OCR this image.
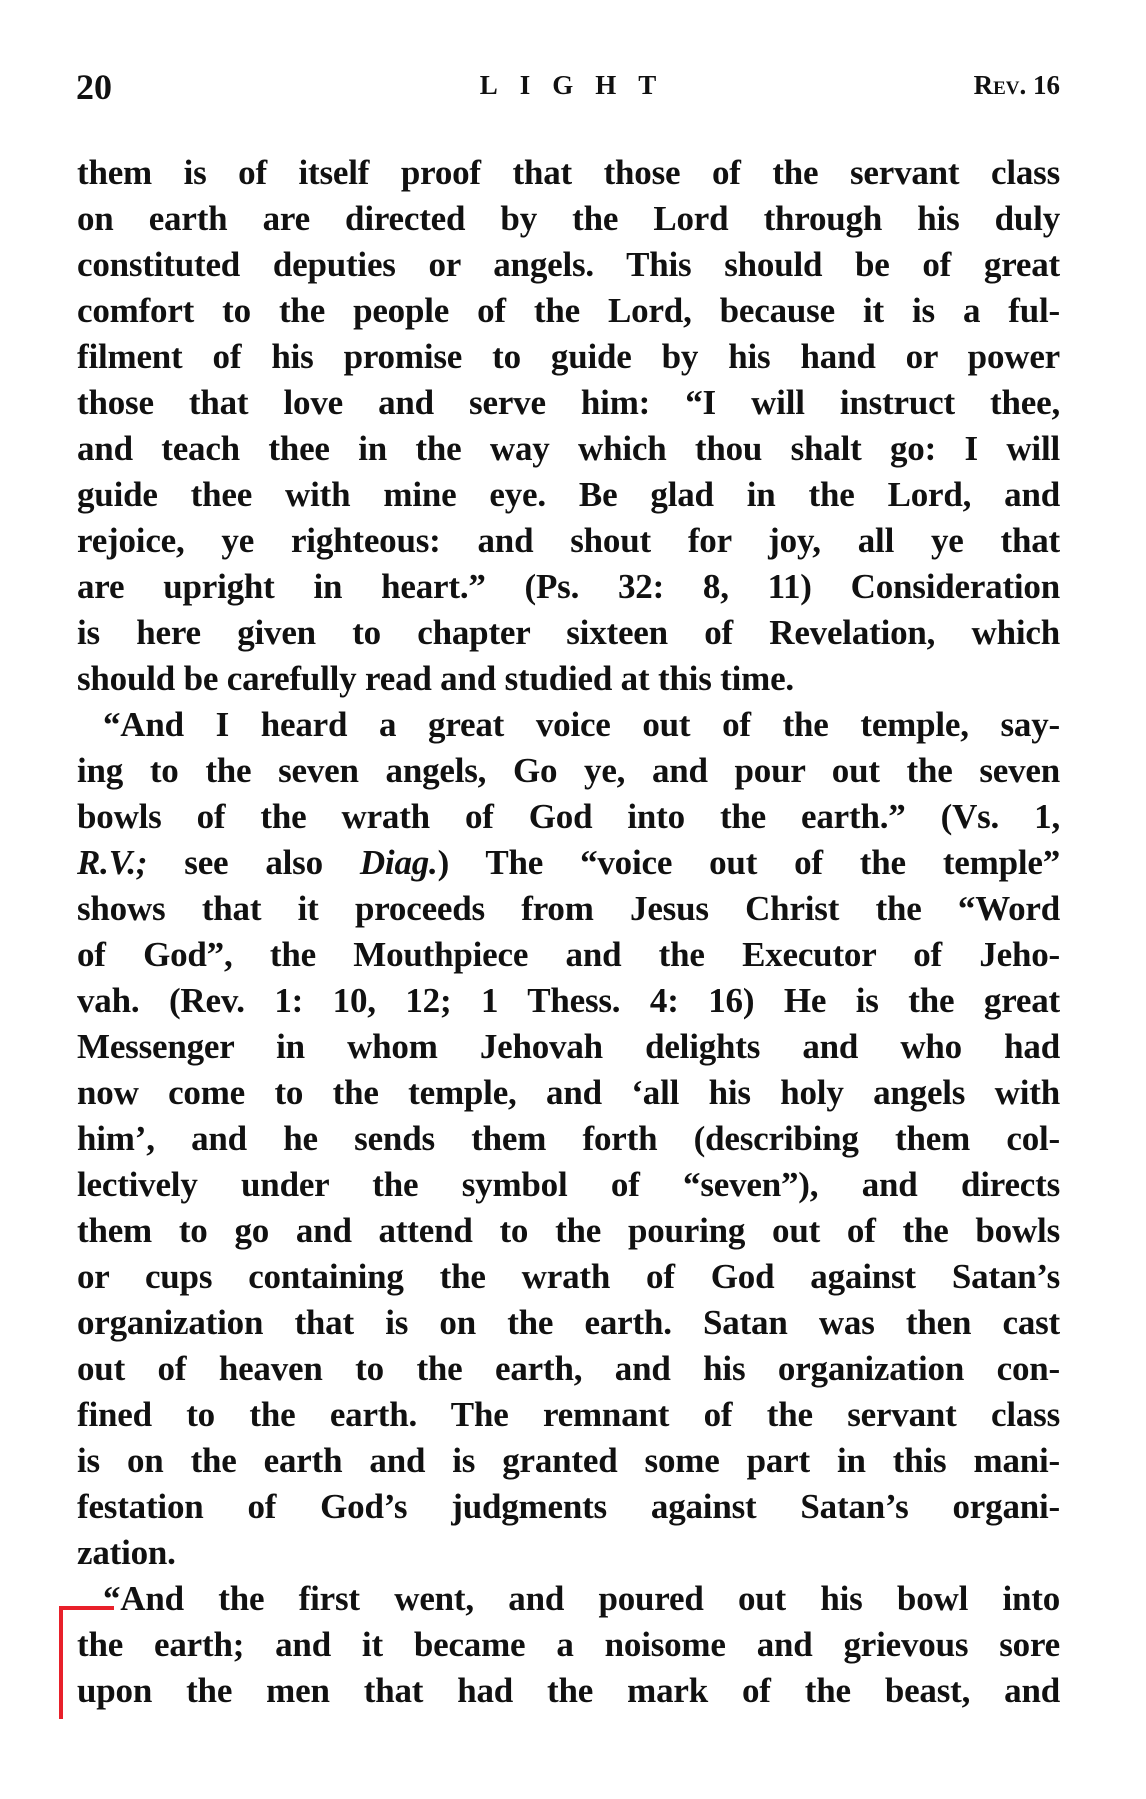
20	LIGHT	Rev. 16
them is of itself proof that those of the servant class
on earth are directed by the Lord through his duly
constituted deputies or angels. This should be of great
comfort to the people of the Lord, because it is a ful-
filment of his promise to guide by his hand or power
those that love and serve him: “I will instruct thee,
and teach thee in the way which thou shalt go: I will
guide thee with mine eye. Be glad in the Lord, and
rejoice, ye righteous: and shout for joy, all ye that
are upright in heart.” (Ps. 32: 8, 11) Consideration
is here given to chapter sixteen of Revelation, which
should be carefully read and studied at this time.
“And I heard a great voice out of the temple, say-
ing to the seven angels, Go ye, and pour out the seven
bowls of the wrath of God into the earth.” (Vs. 1,
R.V.; see also Diag.) The “voice out of the temple”
shows that it proceeds from Jesus Christ the “Word
of God”, the Mouthpiece and the Executor of Jeho-
vah. (Rev. 1: 10, 12; 1 Thess. 4: 16) He is the great
Messenger in whom Jehovah delights and who had
now come to the temple, and ‘all his holy angels with
him’, and he sends them forth (describing them col-
lectively under the symbol of “seven”), and directs
them to go and attend to the pouring out of the bowls
or cups containing the wrath of God against Satan’s
organization that is on the earth. Satan was then cast
out of heaven to the earth, and his organization con-
fined to the earth. The remnant of the servant class
is on the earth and is granted some part in this mani-
festation of God’s judgments against Satan’s organi-
zation.
“And the first went, and poured out his bowl into
the earth; and it became a noisome and grievous sore
upon the men that had the mark of the beast, and
